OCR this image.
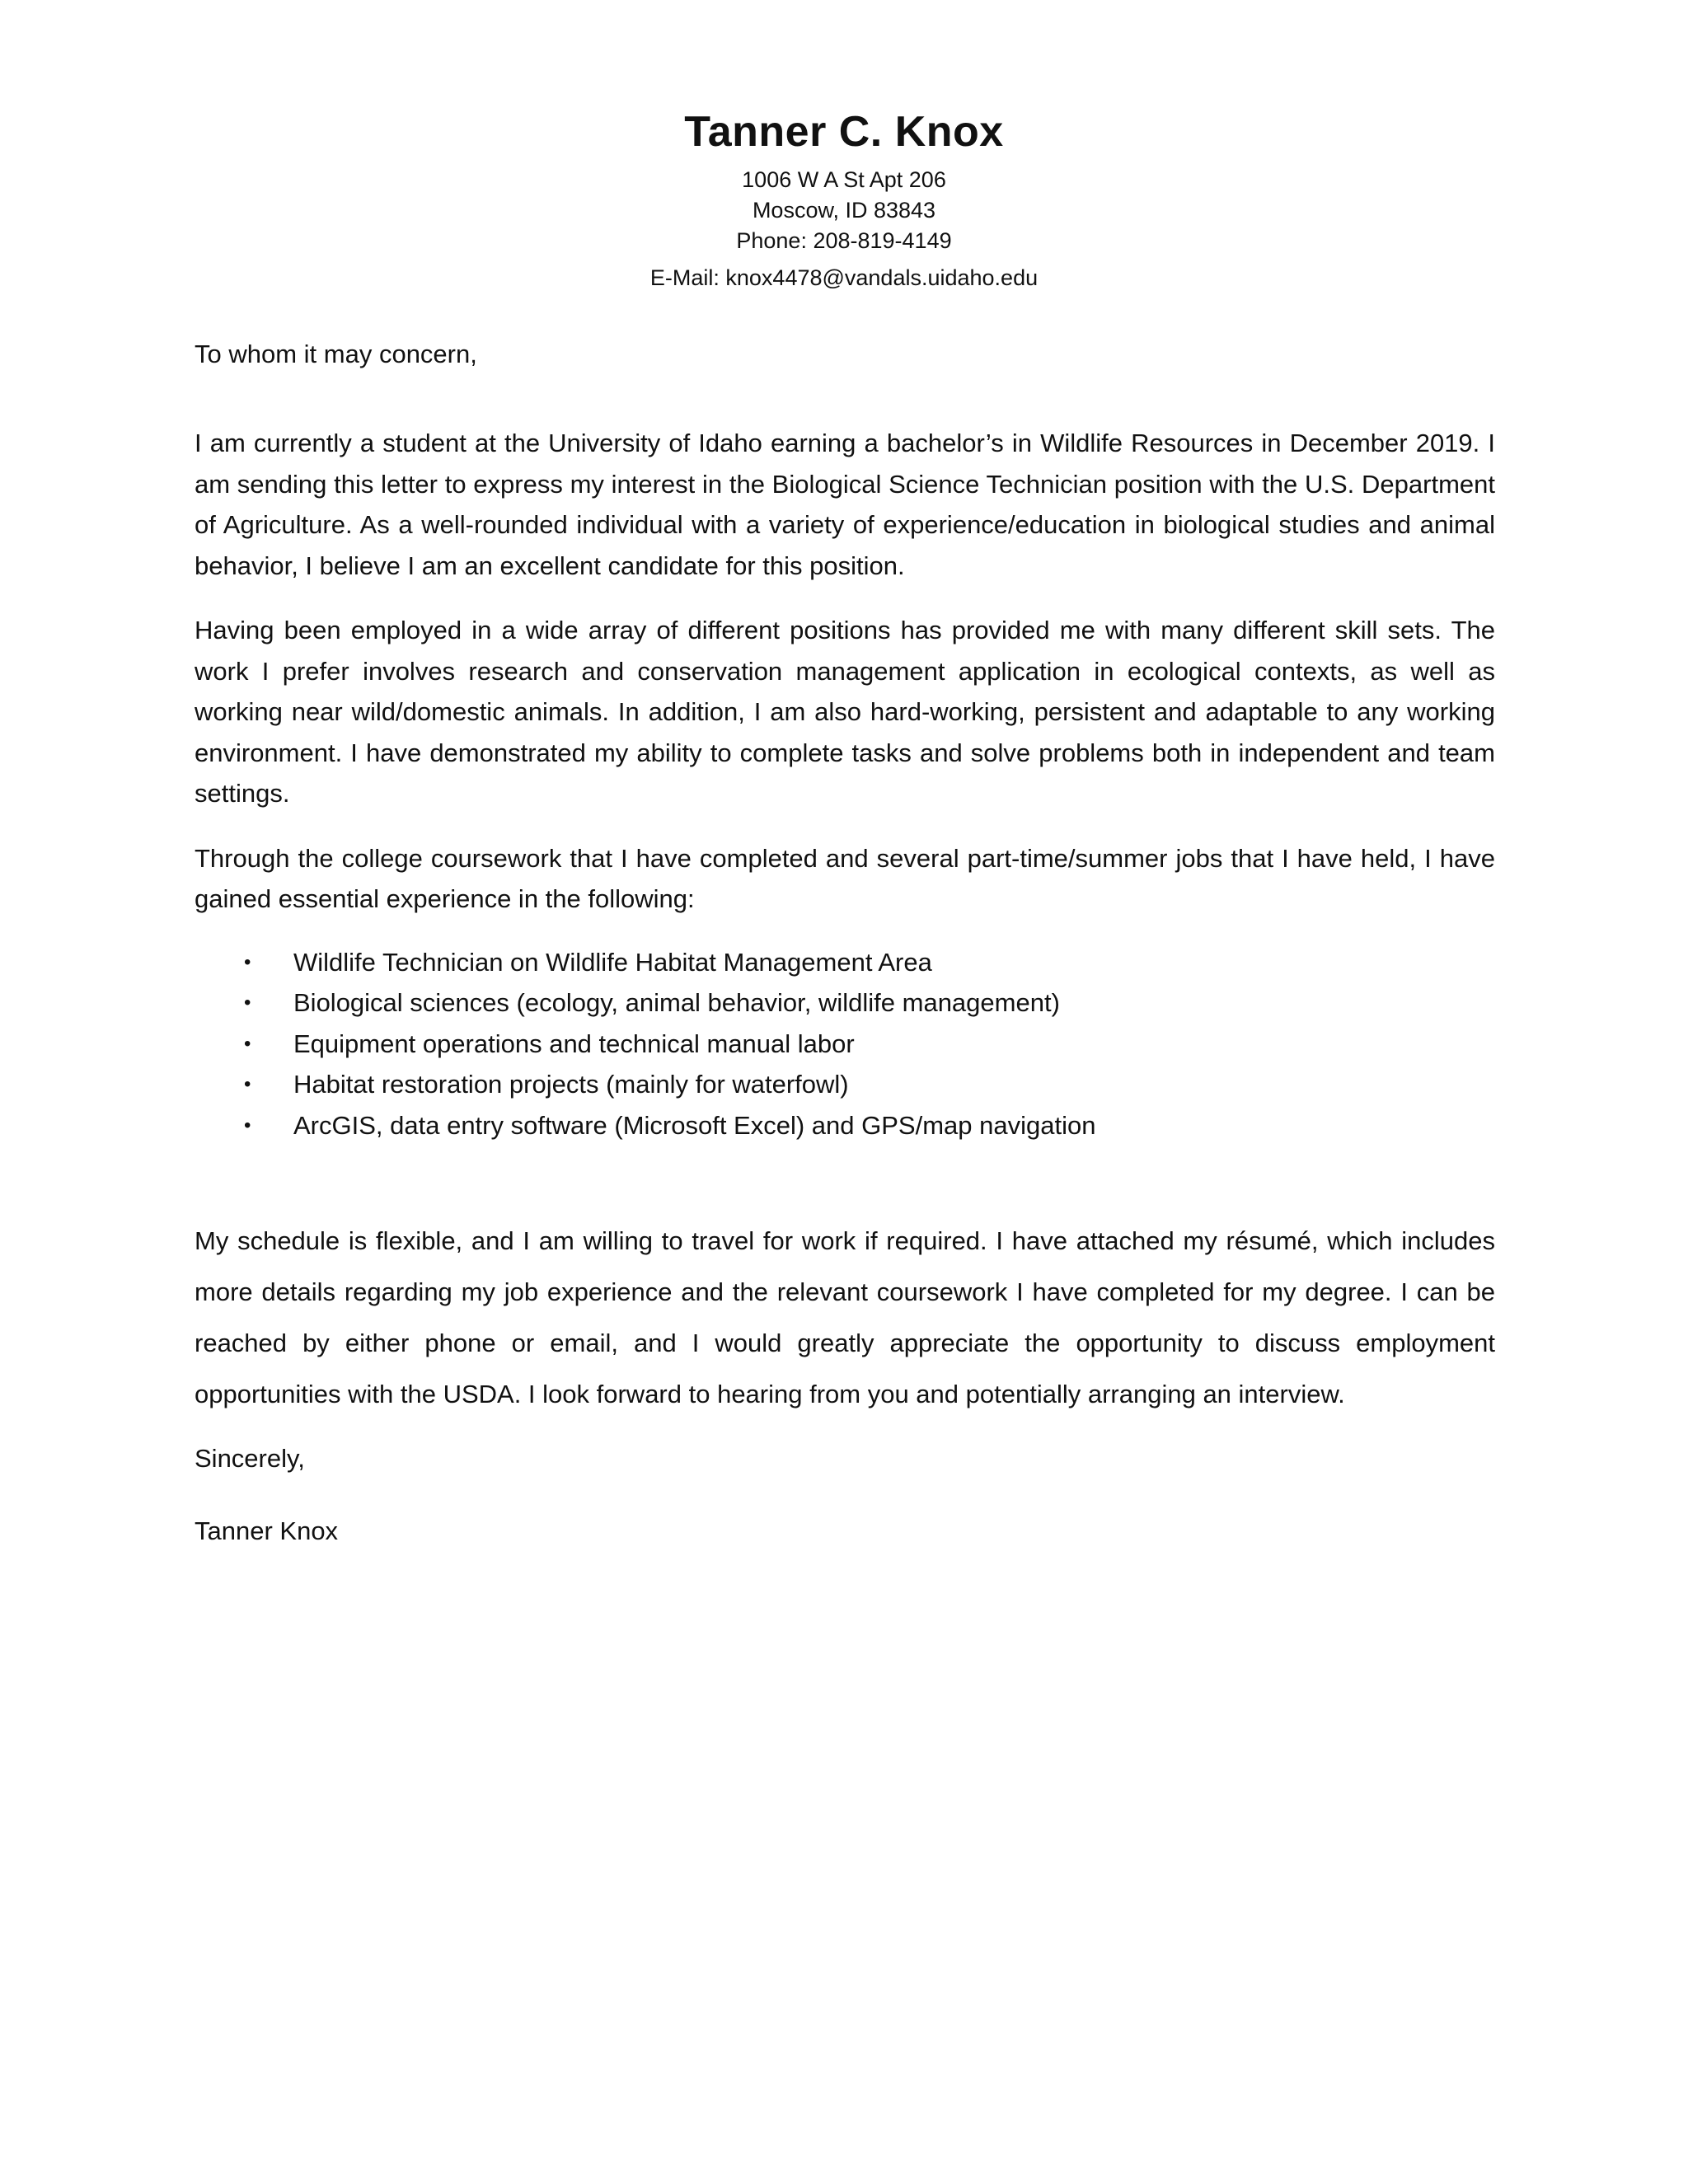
Tanner C. Knox

1006 W A St Apt 206

Moscow, ID 83843

Phone: 208-819-4149

E-Mail: knox4478@vandals.uidaho.edu

To whom it may concern,

I am currently a student at the University of Idaho earning a bachelor’s in Wildlife Resources in December 2019. I am sending this letter to express my interest in the Biological Science Technician position with the U.S. Department of Agriculture. As a well-rounded individual with a variety of experience/education in biological studies and animal behavior, I believe I am an excellent candidate for this position.

Having been employed in a wide array of different positions has provided me with many different skill sets. The work I prefer involves research and conservation management application in ecological contexts, as well as working near wild/domestic animals. In addition, I am also hard-working, persistent and adaptable to any working environment. I have demonstrated my ability to complete tasks and solve problems both in independent and team settings.

Through the college coursework that I have completed and several part-time/summer jobs that I have held, I have gained essential experience in the following:

• Wildlife Technician on Wildlife Habitat Management Area
• Biological sciences (ecology, animal behavior, wildlife management)
• Equipment operations and technical manual labor
• Habitat restoration projects (mainly for waterfowl)
• ArcGIS, data entry software (Microsoft Excel) and GPS/map navigation

My schedule is flexible, and I am willing to travel for work if required. I have attached my résumé, which includes more details regarding my job experience and the relevant coursework I have completed for my degree. I can be reached by either phone or email, and I would greatly appreciate the opportunity to discuss employment opportunities with the USDA. I look forward to hearing from you and potentially arranging an interview.

Sincerely,

Tanner Knox
